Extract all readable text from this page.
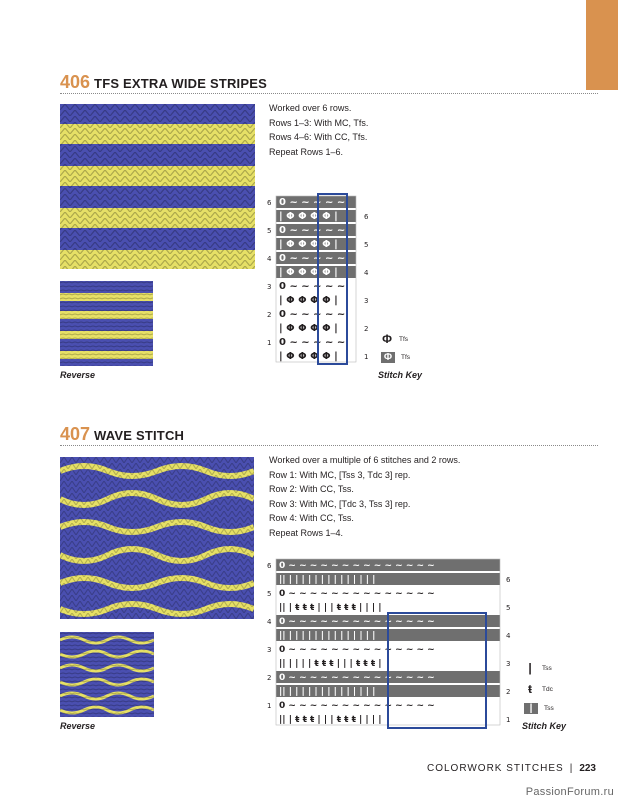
406 TFS EXTRA WIDE STRIPES
Reverse
Worked over 6 rows.
Rows 1–3: With MC, Tfs.
Rows 4–6: With CC, Tfs.
Repeat Rows 1–6.
6
5
4
3
2
1
6
5
4
3
2
1
0 ~ ~ ~ ~ ~
| Φ Φ Φ Φ |
0 ~ ~ ~ ~ ~
| Φ Φ Φ Φ |
0 ~ ~ ~ ~ ~
| Φ Φ Φ Φ |
0 ~ ~ ~ ~ ~
| Φ Φ Φ Φ |
0 ~ ~ ~ ~ ~
| Φ Φ Φ Φ |
0 ~ ~ ~ ~ ~
| Φ Φ Φ Φ |
Φ Tfs
Φ	Tfs
Stitch Key
407 WAVE STITCH
Reverse
Worked over a multiple of 6 stitches and 2 rows.
Row 1: With MC, [Tss 3, Tdc 3] rep.
Row 2: With CC, Tss.
Row 3: With MC, [Tdc 3, Tss 3] rep.
Row 4: With CC, Tss.
Repeat Rows 1–4.
6
5
4
3
2
1
6
5
4
3
2
1
0 ~ ~ ~ ~ ~ ~ ~ ~ ~ ~ ~ ~ ~ ~
|| | | | | | | | | | | | | | |
0 ~ ~ ~ ~ ~ ~ ~ ~ ~ ~ ~ ~ ~ ~
|| | | | | | | | | | | | | | |
0 ~ ~ ~ ~ ~ ~ ~ ~ ~ ~ ~ ~ ~ ~
|| | | | | | | | | | | | | | |
0 ~ ~ ~ ~ ~ ~ ~ ~ ~ ~ ~ ~ ~ ~
|| | ŧ ŧ ŧ | | | ŧ ŧ ŧ | | | |
0 ~ ~ ~ ~ ~ ~ ~ ~ ~ ~ ~ ~ ~ ~
|| | | | | ŧ ŧ ŧ | | | ŧ ŧ ŧ |
0 ~ ~ ~ ~ ~ ~ ~ ~ ~ ~ ~ ~ ~ ~
|| | ŧ ŧ ŧ | | | ŧ ŧ ŧ | | | |
|	Tss
ŧ	Tdc
|	Tss
Stitch Key
COLORWORK STITCHES | 223
PassionForum.ru
